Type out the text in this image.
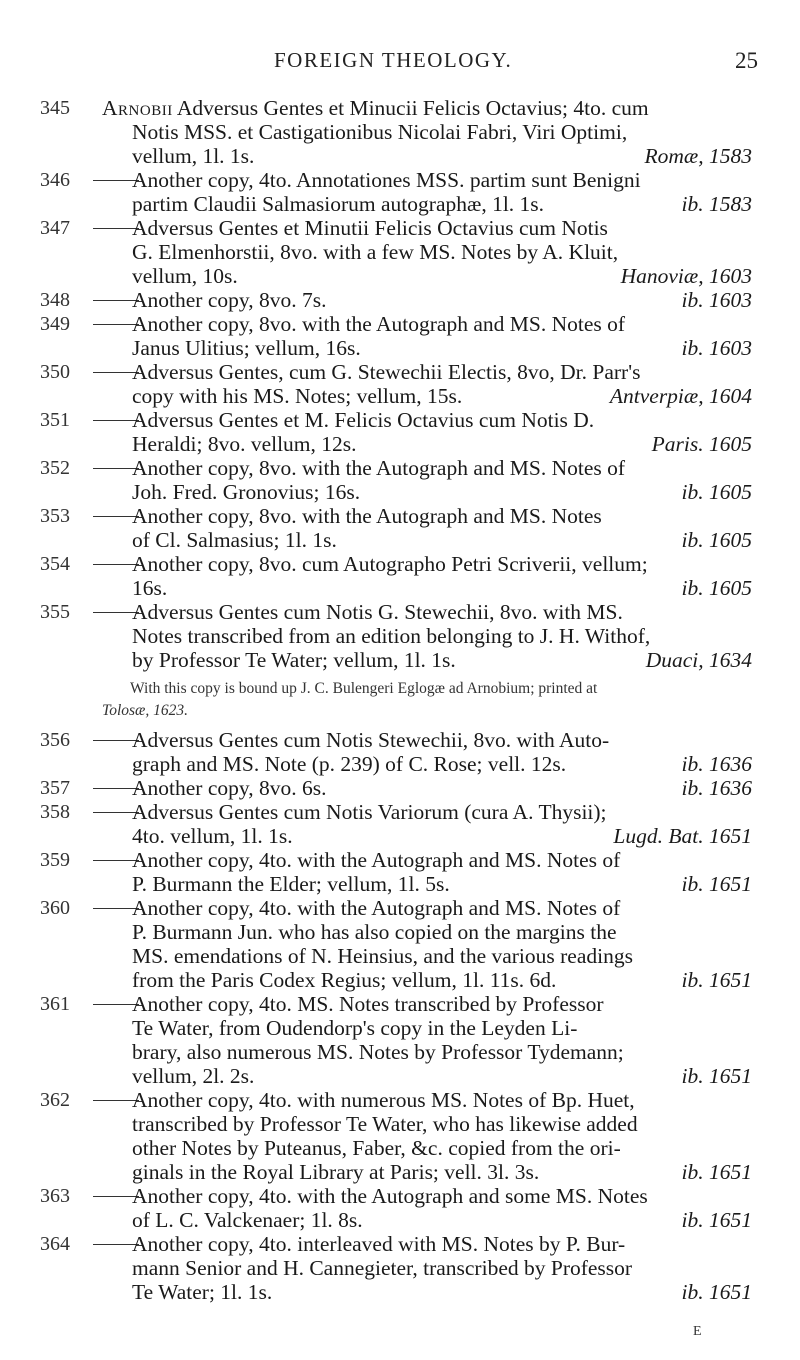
FOREIGN THEOLOGY.	25
345 Arnobii Adversus Gentes et Minucii Felicis Octavius; 4to. cum
Notis MSS. et Castigationibus Nicolai Fabri, Viri Optimi,
vellum, 1l. 1s.	Romæ, 1583
346	Another copy, 4to. Annotationes MSS. partim sunt Benigni
partim Claudii Salmasiorum autographæ, 1l. 1s.	ib. 1583
347	Adversus Gentes et Minutii Felicis Octavius cum Notis
G. Elmenhorstii, 8vo. with a few MS. Notes by A. Kluit,
vellum, 10s.	Hanoviæ, 1603
348	Another copy, 8vo. 7s.	ib. 1603
349	Another copy, 8vo. with the Autograph and MS. Notes of
Janus Ulitius; vellum, 16s.	ib. 1603
350	Adversus Gentes, cum G. Stewechii Electis, 8vo, Dr. Parr's
copy with his MS. Notes; vellum, 15s.	Antverpiæ, 1604
351	Adversus Gentes et M. Felicis Octavius cum Notis D.
Heraldi; 8vo. vellum, 12s.	Paris. 1605
352	Another copy, 8vo. with the Autograph and MS. Notes of
Joh. Fred. Gronovius; 16s.	ib. 1605
353	Another copy, 8vo. with the Autograph and MS. Notes
of Cl. Salmasius; 1l. 1s.	ib. 1605
354	Another copy, 8vo. cum Autographo Petri Scriverii, vellum;
16s.	ib. 1605
355	Adversus Gentes cum Notis G. Stewechii, 8vo. with MS.
Notes transcribed from an edition belonging to J. H. Withof,
by Professor Te Water; vellum, 1l. 1s.	Duaci, 1634
With this copy is bound up J. C. Bulengeri Eglogæ ad Arnobium; printed at
Tolosæ, 1623.
356	Adversus Gentes cum Notis Stewechii, 8vo. with Auto-
graph and MS. Note (p. 239) of C. Rose; vell. 12s.	ib. 1636
357	Another copy, 8vo. 6s.	ib. 1636
358	Adversus Gentes cum Notis Variorum (cura A. Thysii);
4to. vellum, 1l. 1s.	Lugd. Bat. 1651
359	Another copy, 4to. with the Autograph and MS. Notes of
P. Burmann the Elder; vellum, 1l. 5s.	ib. 1651
360	Another copy, 4to. with the Autograph and MS. Notes of
P. Burmann Jun. who has also copied on the margins the
MS. emendations of N. Heinsius, and the various readings
from the Paris Codex Regius; vellum, 1l. 11s. 6d.	ib. 1651
361	Another copy, 4to. MS. Notes transcribed by Professor
Te Water, from Oudendorp's copy in the Leyden Li-
brary, also numerous MS. Notes by Professor Tydemann;
vellum, 2l. 2s.	ib. 1651
362	Another copy, 4to. with numerous MS. Notes of Bp. Huet,
transcribed by Professor Te Water, who has likewise added
other Notes by Puteanus, Faber, &c. copied from the ori-
ginals in the Royal Library at Paris; vell. 3l. 3s.	ib. 1651
363	Another copy, 4to. with the Autograph and some MS. Notes
of L. C. Valckenaer; 1l. 8s.	ib. 1651
364	Another copy, 4to. interleaved with MS. Notes by P. Bur-
mann Senior and H. Cannegieter, transcribed by Professor
Te Water; 1l. 1s.	ib. 1651
E
